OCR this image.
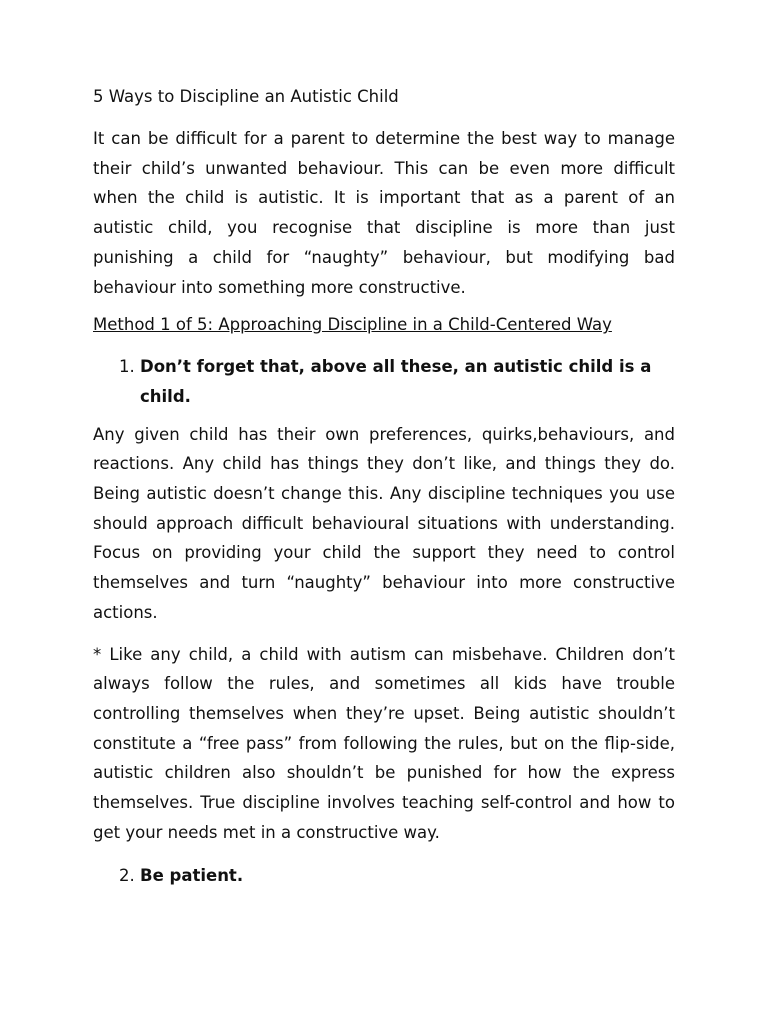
5 Ways to Discipline an Autistic Child

It can be difficult for a parent to determine the best way to manage their child’s unwanted behaviour. This can be even more difficult when the child is autistic. It is important that as a parent of an autistic child, you recognise that discipline is more than just punishing a child for “naughty” behaviour, but modifying bad behaviour into something more constructive.

Method 1 of 5: Approaching Discipline in a Child-Centered Way
1. Don’t forget that, above all these, an autistic child is a child.

Any given child has their own preferences, quirks,behaviours, and reactions. Any child has things they don’t like, and things they do. Being autistic doesn’t change this. Any discipline techniques you use should approach difficult behavioural situations with understanding. Focus on providing your child the support they need to control themselves and turn “naughty” behaviour into more constructive actions.

* Like any child, a child with autism can misbehave. Children don’t always follow the rules, and sometimes all kids have trouble controlling themselves when they’re upset. Being autistic shouldn’t constitute a “free pass” from following the rules, but on the flip-side, autistic children also shouldn’t be punished for how the express themselves. True discipline involves teaching self-control and how to get your needs met in a constructive way.

2. Be patient.
